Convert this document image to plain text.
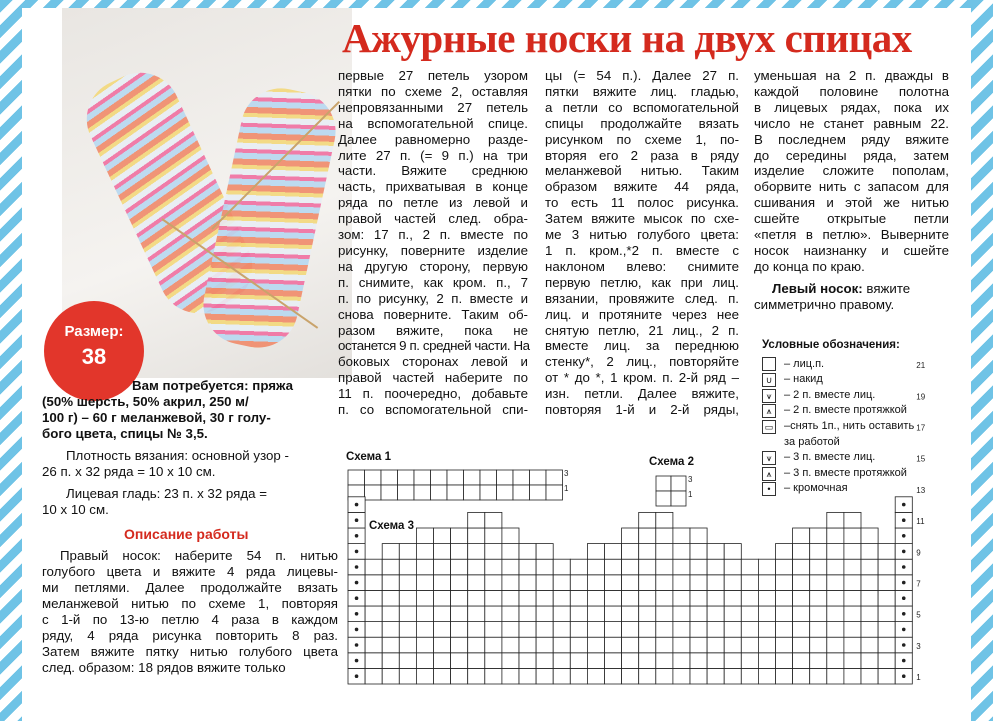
Размер:
38
Ажурные носки на двух спицах
Вам потребуется: пряжа
(50% шерсть, 50% акрил, 250 м/
100 г) – 60 г меланжевой, 30 г голу-
бого цвета, спицы № 3,5.
Плотность вязания: основной узор -
26 п. х 32 ряда = 10 х 10 см.
Лицевая гладь: 23 п. х 32 ряда =
10 х 10 см.
Описание работы
Правый носок: наберите 54 п. нитью
голубого цвета и вяжите 4 ряда лицевы-
ми петлями. Далее продолжайте вязать
меланжевой нитью по схеме 1, повторяя
с 1-й по 13-ю петлю 4 раза в каждом
ряду, 4 ряда рисунка повторить 8 раз.
Затем вяжите пятку нитью голубого цвета
след. образом: 18 рядов вяжите только
первые 27 петель узором
пятки по схеме 2, оставляя
непровязанными 27 петель
на вспомогательной спице.
Далее равномерно разде-
лите 27 п. (= 9 п.) на три
части. Вяжите среднюю
часть, прихватывая в конце
ряда по петле из левой и
правой частей след. обра-
зом: 17 п., 2 п. вместе по
рисунку, поверните изделие
на другую сторону, первую
п. снимите, как кром. п., 7
п. по рисунку, 2 п. вместе и
снова поверните. Таким об-
разом вяжите, пока не
останется 9 п. средней части. На
боковых сторонах левой и
правой частей наберите по
11 п. поочередно, добавьте
п. со вспомогательной спи-
цы (= 54 п.). Далее 27 п.
пятки вяжите лиц. гладью,
а петли со вспомогательной
спицы продолжайте вязать
рисунком по схеме 1, по-
вторяя его 2 раза в ряду
меланжевой нитью. Таким
образом вяжите 44 ряда,
то есть 11 полос рисунка.
Затем вяжите мысок по схе-
ме 3 нитью голубого цвета:
1 п. кром.,*2 п. вместе с
наклоном влево: снимите
первую петлю, как при лиц.
вязании, провяжите след. п.
лиц. и протяните через нее
снятую петлю, 21 лиц., 2 п.
вместе лиц. за переднюю
стенку*, 2 лиц., повторяйте
от * до *, 1 кром. п. 2-й ряд –
изн. петли. Далее вяжите,
повторяя 1-й и 2-й ряды,
уменьшая на 2 п. дважды в
каждой половине полотна
в лицевых рядах, пока их
число не станет равным 22.
В последнем ряду вяжите
до середины ряда, затем
изделие сложите пополам,
оборвите нить с запасом для
сшивания и этой же нитью
сшейте открытые петли
«петля в петлю». Выверните
носок наизнанку и сшейте
до конца по краю.
Левый носок: вяжите
симметрично правому.
Условные обозначения:
– лиц.п.
∪	– накид
⩛	– 2 п. вместе лиц.
⩚	– 2 п. вместе протяжкой
▭ –снять 1п., нить оставить
за работой
⩛	– 3 п. вместе лиц.
⩚	– 3 п. вместе протяжкой
•	– кромочная
Схема 1	Схема 2
Схема 3
3
1
3
1
21
19
17
15
13
11
9
7
5
3
1
